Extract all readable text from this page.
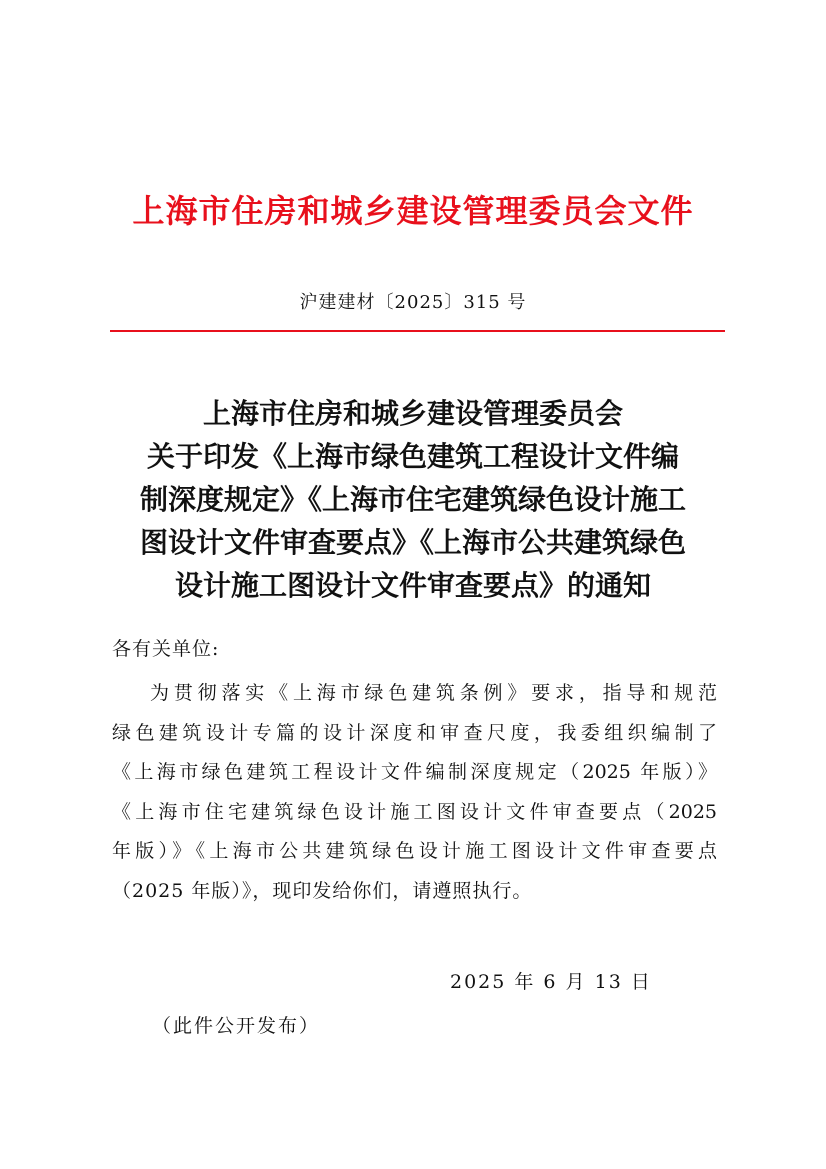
上海市住房和城乡建设管理委员会文件
沪建建材〔2025〕315 号
上海市住房和城乡建设管理委员会
关于印发《上海市绿色建筑工程设计文件编
制深度规定》《上海市住宅建筑绿色设计施工
图设计文件审查要点》《上海市公共建筑绿色
设计施工图设计文件审查要点》的通知
各有关单位:
为贯彻落实《上海市绿色建筑条例》要求，指导和规范
绿色建筑设计专篇的设计深度和审查尺度，我委组织编制了
《上海市绿色建筑工程设计文件编制深度规定（2025 年版）》
《上海市住宅建筑绿色设计施工图设计文件审查要点（2025
年版）》《上海市公共建筑绿色设计施工图设计文件审查要点
（2025 年版）》，现印发给你们，请遵照执行。
2025 年 6 月 13 日
（此件公开发布）
